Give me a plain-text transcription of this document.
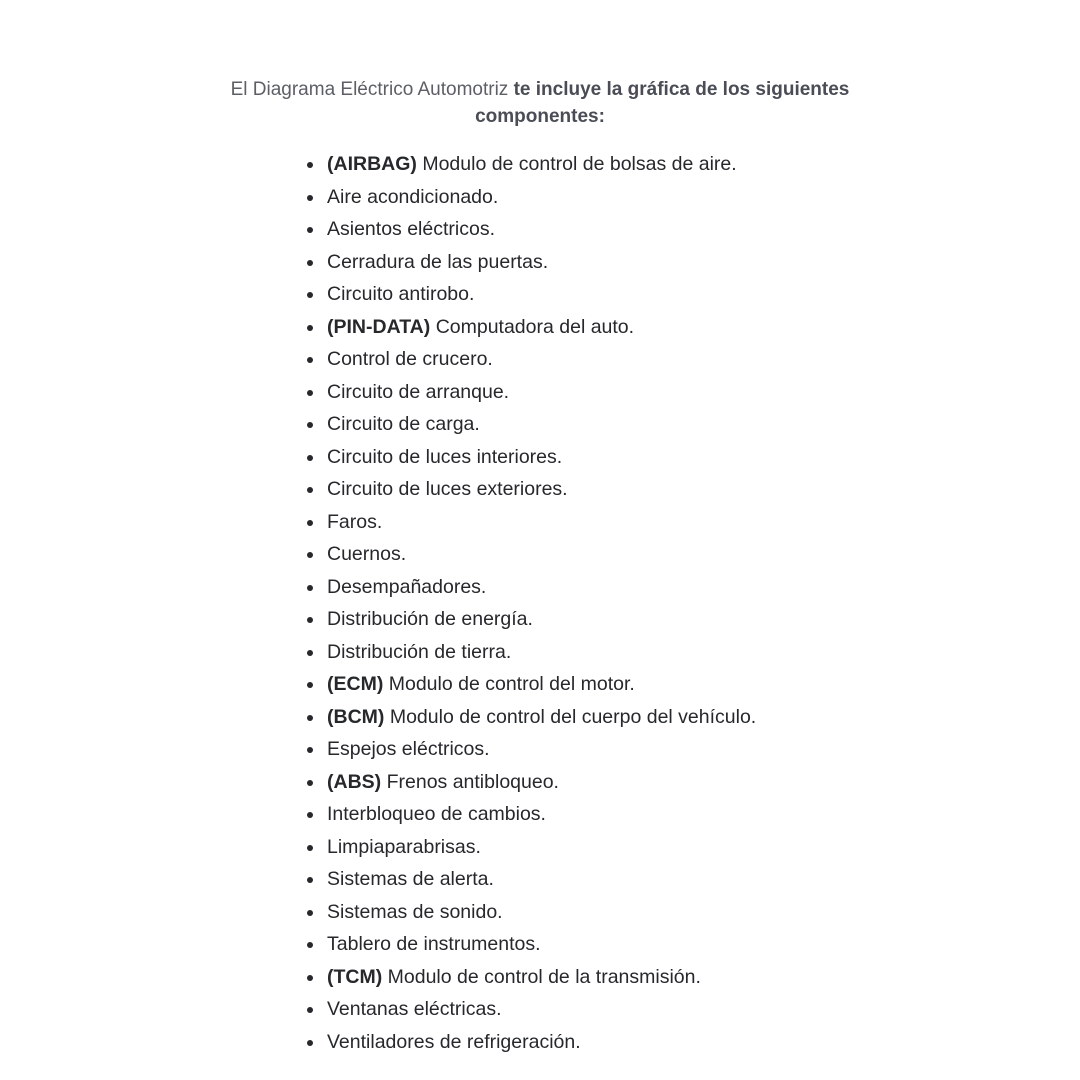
El Diagrama Eléctrico Automotriz te incluye la gráfica de los siguientes
componentes:
(AIRBAG) Modulo de control de bolsas de aire.
Aire acondicionado.
Asientos eléctricos.
Cerradura de las puertas.
Circuito antirobo.
(PIN-DATA) Computadora del auto.
Control de crucero.
Circuito de arranque.
Circuito de carga.
Circuito de luces interiores.
Circuito de luces exteriores.
Faros.
Cuernos.
Desempañadores.
Distribución de energía.
Distribución de tierra.
(ECM) Modulo de control del motor.
(BCM) Modulo de control del cuerpo del vehículo.
Espejos eléctricos.
(ABS) Frenos antibloqueo.
Interbloqueo de cambios.
Limpiaparabrisas.
Sistemas de alerta.
Sistemas de sonido.
Tablero de instrumentos.
(TCM) Modulo de control de la transmisión.
Ventanas eléctricas.
Ventiladores de refrigeración.
